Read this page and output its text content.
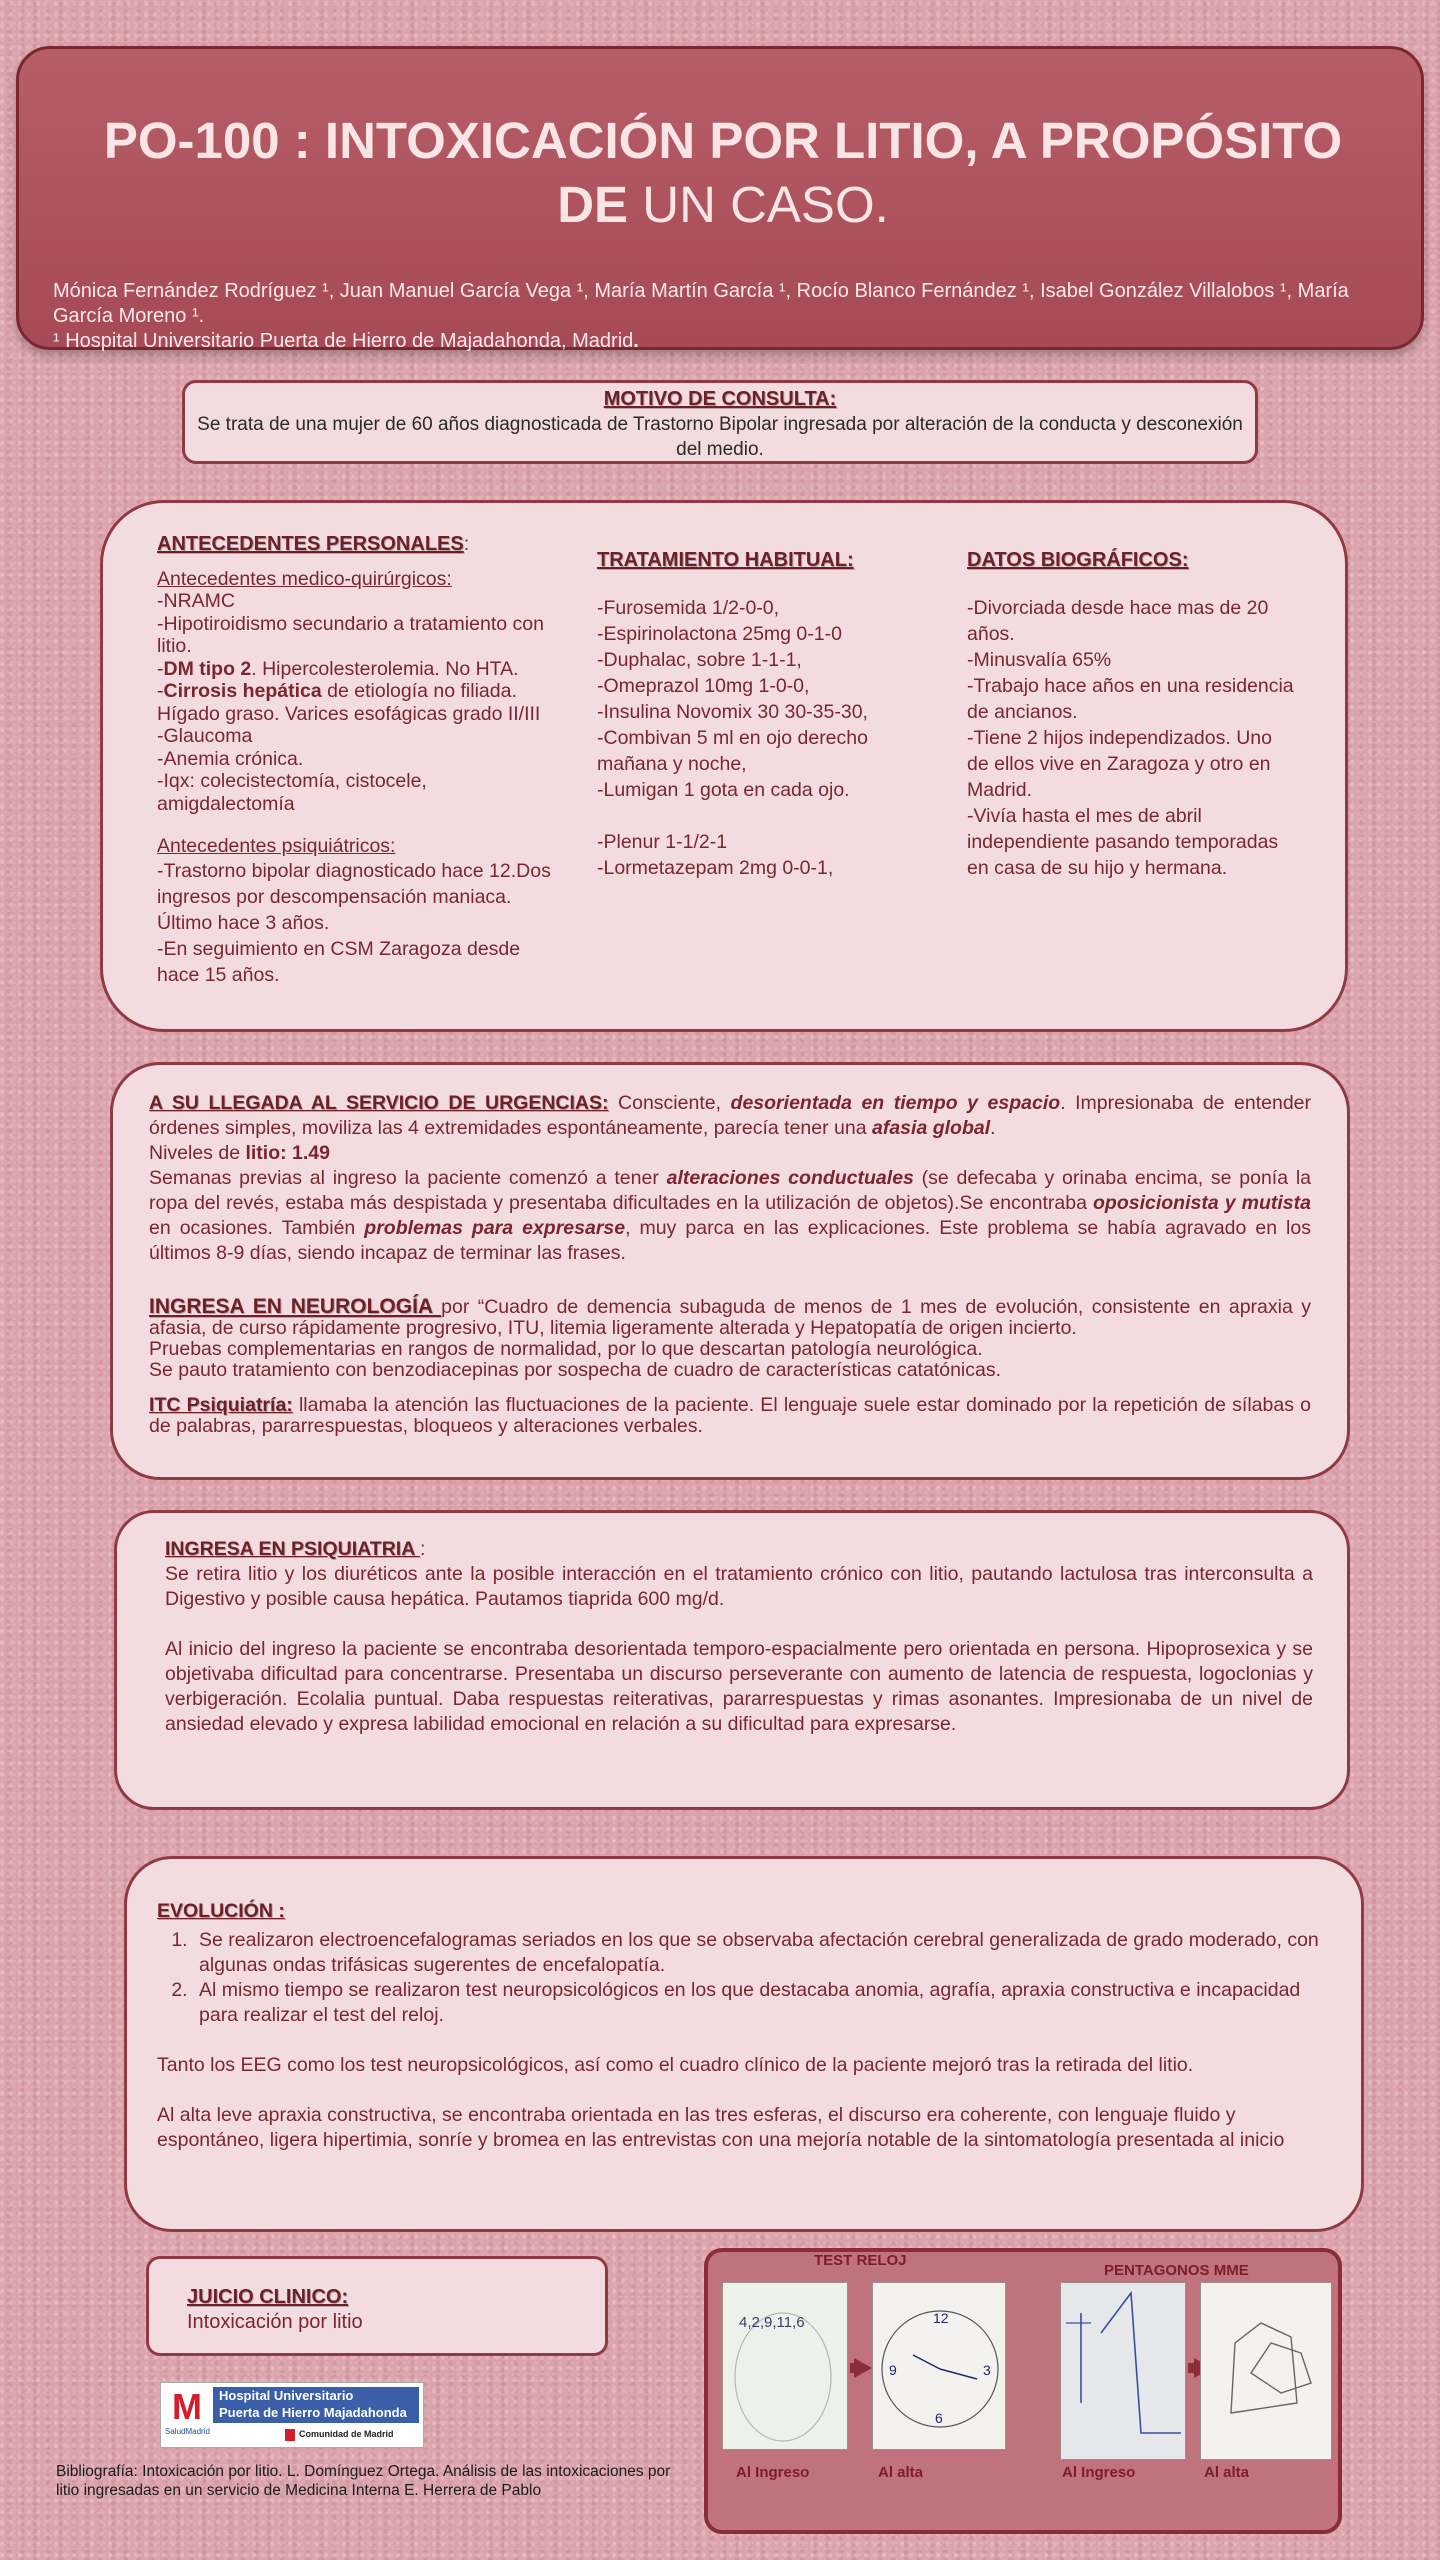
PO-100 : INTOXICACIÓN POR LITIO, A PROPÓSITO
DE UN CASO.
Mónica Fernández Rodríguez ¹, Juan Manuel García Vega ¹, María Martín García ¹, Rocío Blanco Fernández ¹, Isabel González Villalobos ¹, María García Moreno ¹.
¹ Hospital Universitario Puerta de Hierro de Majadahonda, Madrid.
MOTIVO DE CONSULTA:
Se trata de una mujer de 60 años diagnosticada de Trastorno Bipolar ingresada por alteración de la conducta y desconexión del medio.
ANTECEDENTES PERSONALES:
Antecedentes medico-quirúrgicos:
-NRAMC
-Hipotiroidismo secundario a tratamiento con litio.
-DM tipo 2. Hipercolesterolemia. No HTA.
-Cirrosis hepática de etiología no filiada. Hígado graso. Varices esofágicas grado II/III
-Glaucoma
-Anemia crónica.
-Iqx: colecistectomía, cistocele, amigdalectomía
Antecedentes psiquiátricos:
-Trastorno bipolar diagnosticado hace 12.Dos ingresos por descompensación maniaca. Último hace 3 años.
-En seguimiento en CSM Zaragoza desde hace 15 años.
TRATAMIENTO HABITUAL:
-Furosemida 1/2-0-0,
-Espirinolactona 25mg 0-1-0
-Duphalac, sobre 1-1-1,
-Omeprazol 10mg 1-0-0,
-Insulina Novomix 30 30-35-30,
-Combivan 5 ml en ojo derecho mañana y noche,
-Lumigan 1 gota en cada ojo.
-Plenur 1-1/2-1
-Lormetazepam 2mg 0-0-1,
DATOS BIOGRÁFICOS:
-Divorciada desde hace mas de 20 años.
-Minusvalía 65%
-Trabajo hace años en una residencia de ancianos.
-Tiene 2 hijos independizados. Uno de ellos vive en Zaragoza y otro en Madrid.
-Vivía hasta el mes de abril independiente pasando temporadas en casa de su hijo y hermana.

A SU LLEGADA AL SERVICIO DE URGENCIAS: Consciente, desorientada en tiempo y espacio. Impresionaba de entender órdenes simples, moviliza las 4 extremidades espontáneamente, parecía tener una afasia global.

Niveles de litio: 1.49

Semanas previas al ingreso la paciente comenzó a tener alteraciones conductuales (se defecaba y orinaba encima, se ponía la ropa del revés, estaba más despistada y presentaba dificultades en la utilización de objetos).Se encontraba oposicionista y mutista en ocasiones. También problemas para expresarse, muy parca en las explicaciones. Este problema se había agravado en los últimos 8-9 días, siendo incapaz de terminar las frases.

INGRESA EN NEUROLOGÍA por “Cuadro de demencia subaguda de menos de 1 mes de evolución, consistente en apraxia y afasia, de curso rápidamente progresivo, ITU, litemia ligeramente alterada y Hepatopatía de origen incierto.
Pruebas complementarias en rangos de normalidad, por lo que descartan patología neurológica.
Se pauto tratamiento con benzodiacepinas por sospecha de cuadro de características catatónicas.
ITC Psiquiatría: llamaba la atención las fluctuaciones de la paciente. El lenguaje suele estar dominado por la repetición de sílabas o de palabras, pararrespuestas, bloqueos y alteraciones verbales.
INGRESA EN PSIQUIATRIA :

Se retira litio y los diuréticos ante la posible interacción en el tratamiento crónico con litio, pautando lactulosa tras interconsulta a Digestivo y posible causa hepática. Pautamos tiaprida 600 mg/d.

Al inicio del ingreso la paciente se encontraba desorientada temporo-espacialmente pero orientada en persona. Hipoprosexica y se objetivaba dificultad para concentrarse. Presentaba un discurso perseverante con aumento de latencia de respuesta, logoclonias y verbigeración. Ecolalia puntual. Daba respuestas reiterativas, pararrespuestas y rimas asonantes. Impresionaba de un nivel de ansiedad elevado y expresa labilidad emocional en relación a su dificultad para expresarse.

EVOLUCIÓN :
1. Se realizaron electroencefalogramas seriados en los que se observaba afectación cerebral generalizada de grado moderado, con algunas ondas trifásicas sugerentes de encefalopatía.
2. Al mismo tiempo se realizaron test neuropsicológicos en los que destacaba anomia, agrafía, apraxia constructiva e incapacidad para realizar el test del reloj.

Tanto los EEG como los test neuropsicológicos, así como el cuadro clínico de la paciente mejoró tras la retirada del litio.

Al alta leve apraxia constructiva, se encontraba orientada en las tres esferas, el discurso era coherente, con lenguaje fluido y espontáneo, ligera hipertimia, sonríe y bromea en las entrevistas con una mejoría notable de la sintomatología presentada al inicio

JUICIO CLINICO:
Intoxicación por litio
M
SaludMadrid
Hospital Universitario
Puerta de Hierro Majadahonda
Comunidad de Madrid
Bibliografía: Intoxicación por litio. L. Domínguez Ortega. Análisis de las intoxicaciones por litio ingresadas en un servicio de Medicina Interna E. Herrera de Pablo
TEST RELOJ
PENTAGONOS MME
4,2,9,11,6	12
3
6
9
Al Ingreso	Al alta	Al Ingreso	Al alta
